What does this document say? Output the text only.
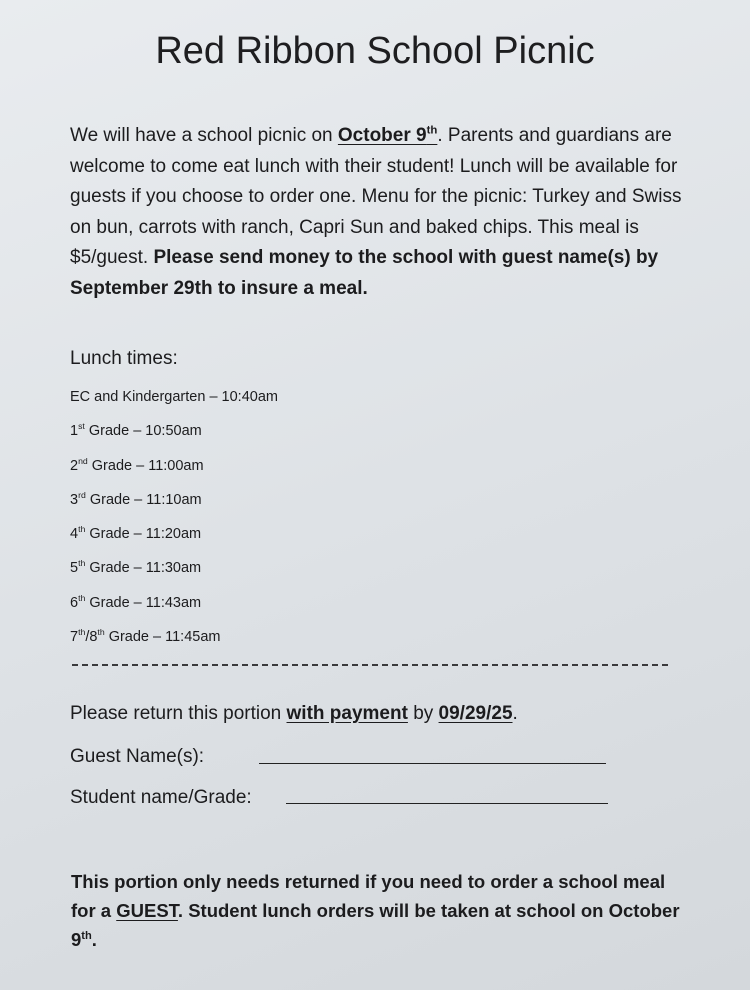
Red Ribbon School Picnic

We will have a school picnic on October 9th. Parents and guardians are welcome to come eat lunch with their student! Lunch will be available for guests if you choose to order one. Menu for the picnic: Turkey and Swiss on bun, carrots with ranch, Capri Sun and baked chips. This meal is $5/guest. Please send money to the school with guest name(s) by September 29th to insure a meal.

Lunch times:

EC and Kindergarten – 10:40am
1st Grade – 10:50am
2nd Grade – 11:00am
3rd Grade – 11:10am
4th Grade – 11:20am
5th Grade – 11:30am
6th Grade – 11:43am
7th/8th Grade – 11:45am

Please return this portion with payment by 09/29/25.

Guest Name(s):
Student name/Grade:

This portion only needs returned if you need to order a school meal for a GUEST. Student lunch orders will be taken at school on October 9th.
